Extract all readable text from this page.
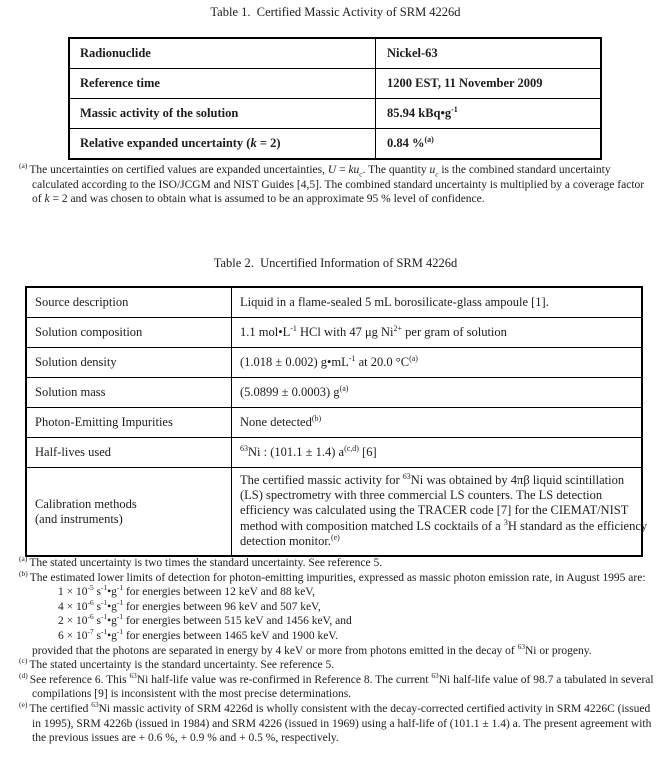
Table 1.  Certified Massic Activity of SRM 4226d
Radionuclide	Nickel-63
Reference time	1200 EST, 11 November 2009
Massic activity of the solution	85.94 $kBq•g^{-1}$
Relative expanded uncertainty (k = 2)	0.84 %$^{(a)}$
$^{(a)}$ The uncertainties on certified values are expanded uncertainties, $U = ku_c$. The quantity $u_c$ is the combined standard uncertainty calculated according to the ISO/JCGM and NIST Guides [4,5]. The combined standard uncertainty is multiplied by a coverage factor of k = 2 and was chosen to obtain what is assumed to be an approximate 95 % level of confidence.
Table 2.  Uncertified Information of SRM 4226d
Source description	Liquid in a flame-sealed 5 mL borosilicate-glass ampoule [1].
Solution composition	1.1 $mol•L^{-1}$ HCl with 47 μg $Ni^{2+}$ per gram of solution
Solution density	(1.018 ± 0.002) $g•mL^{-1}$ at 20.0 $^\circ C^{(a)}$
Solution mass	(5.0899 ± 0.0003) $g^{(a)}$
Photon-Emitting Impurities	None detected$^{(b)}$
Half-lives used	$^{63}$Ni : (101.1 ± 1.4) $a^{(c,d)}$ [6]

Calibration methods
(and instruments)	The certified massic activity for $^{63}$Ni was obtained by 4πβ liquid scintillation (LS) spectrometry with three commercial LS counters. The LS detection efficiency was calculated using the TRACER code [7] for the CIEMAT/NIST method with composition matched LS cocktails of a $^3$H standard as the efficiency detection monitor.$^{(e)}$
$^{(a)}$ The stated uncertainty is two times the standard uncertainty. See reference 5.
$^{(b)}$ The estimated lower limits of detection for photon-emitting impurities, expressed as massic photon emission rate, in August 1995 are:
$1 \times 10^{-5}$ $s^{-1}•g^{-1}$ for energies between 12 keV and 88 keV,
$4 \times 10^{-6}$ $s^{-1}•g^{-1}$ for energies between 96 keV and 507 keV,
$2 \times 10^{-6}$ $s^{-1}•g^{-1}$ for energies between 515 keV and 1456 keV, and
$6 \times 10^{-7}$ $s^{-1}•g^{-1}$ for energies between 1465 keV and 1900 keV.
provided that the photons are separated in energy by 4 keV or more from photons emitted in the decay of $^{63}$Ni or progeny.
$^{(c)}$ The stated uncertainty is the standard uncertainty. See reference 5.
$^{(d)}$ See reference 6. This $^{63}$Ni half-life value was re-confirmed in Reference 8. The current $^{63}$Ni half-life value of 98.7 a tabulated in several compilations [9] is inconsistent with the most precise determinations.
$^{(e)}$ The certified $^{63}$Ni massic activity of SRM 4226d is wholly consistent with the decay-corrected certified activity in SRM 4226C (issued in 1995), SRM 4226b (issued in 1984) and SRM 4226 (issued in 1969) using a half-life of (101.1 ± 1.4) a. The present agreement with the previous issues are + 0.6 %, + 0.9 % and + 0.5 %, respectively.
